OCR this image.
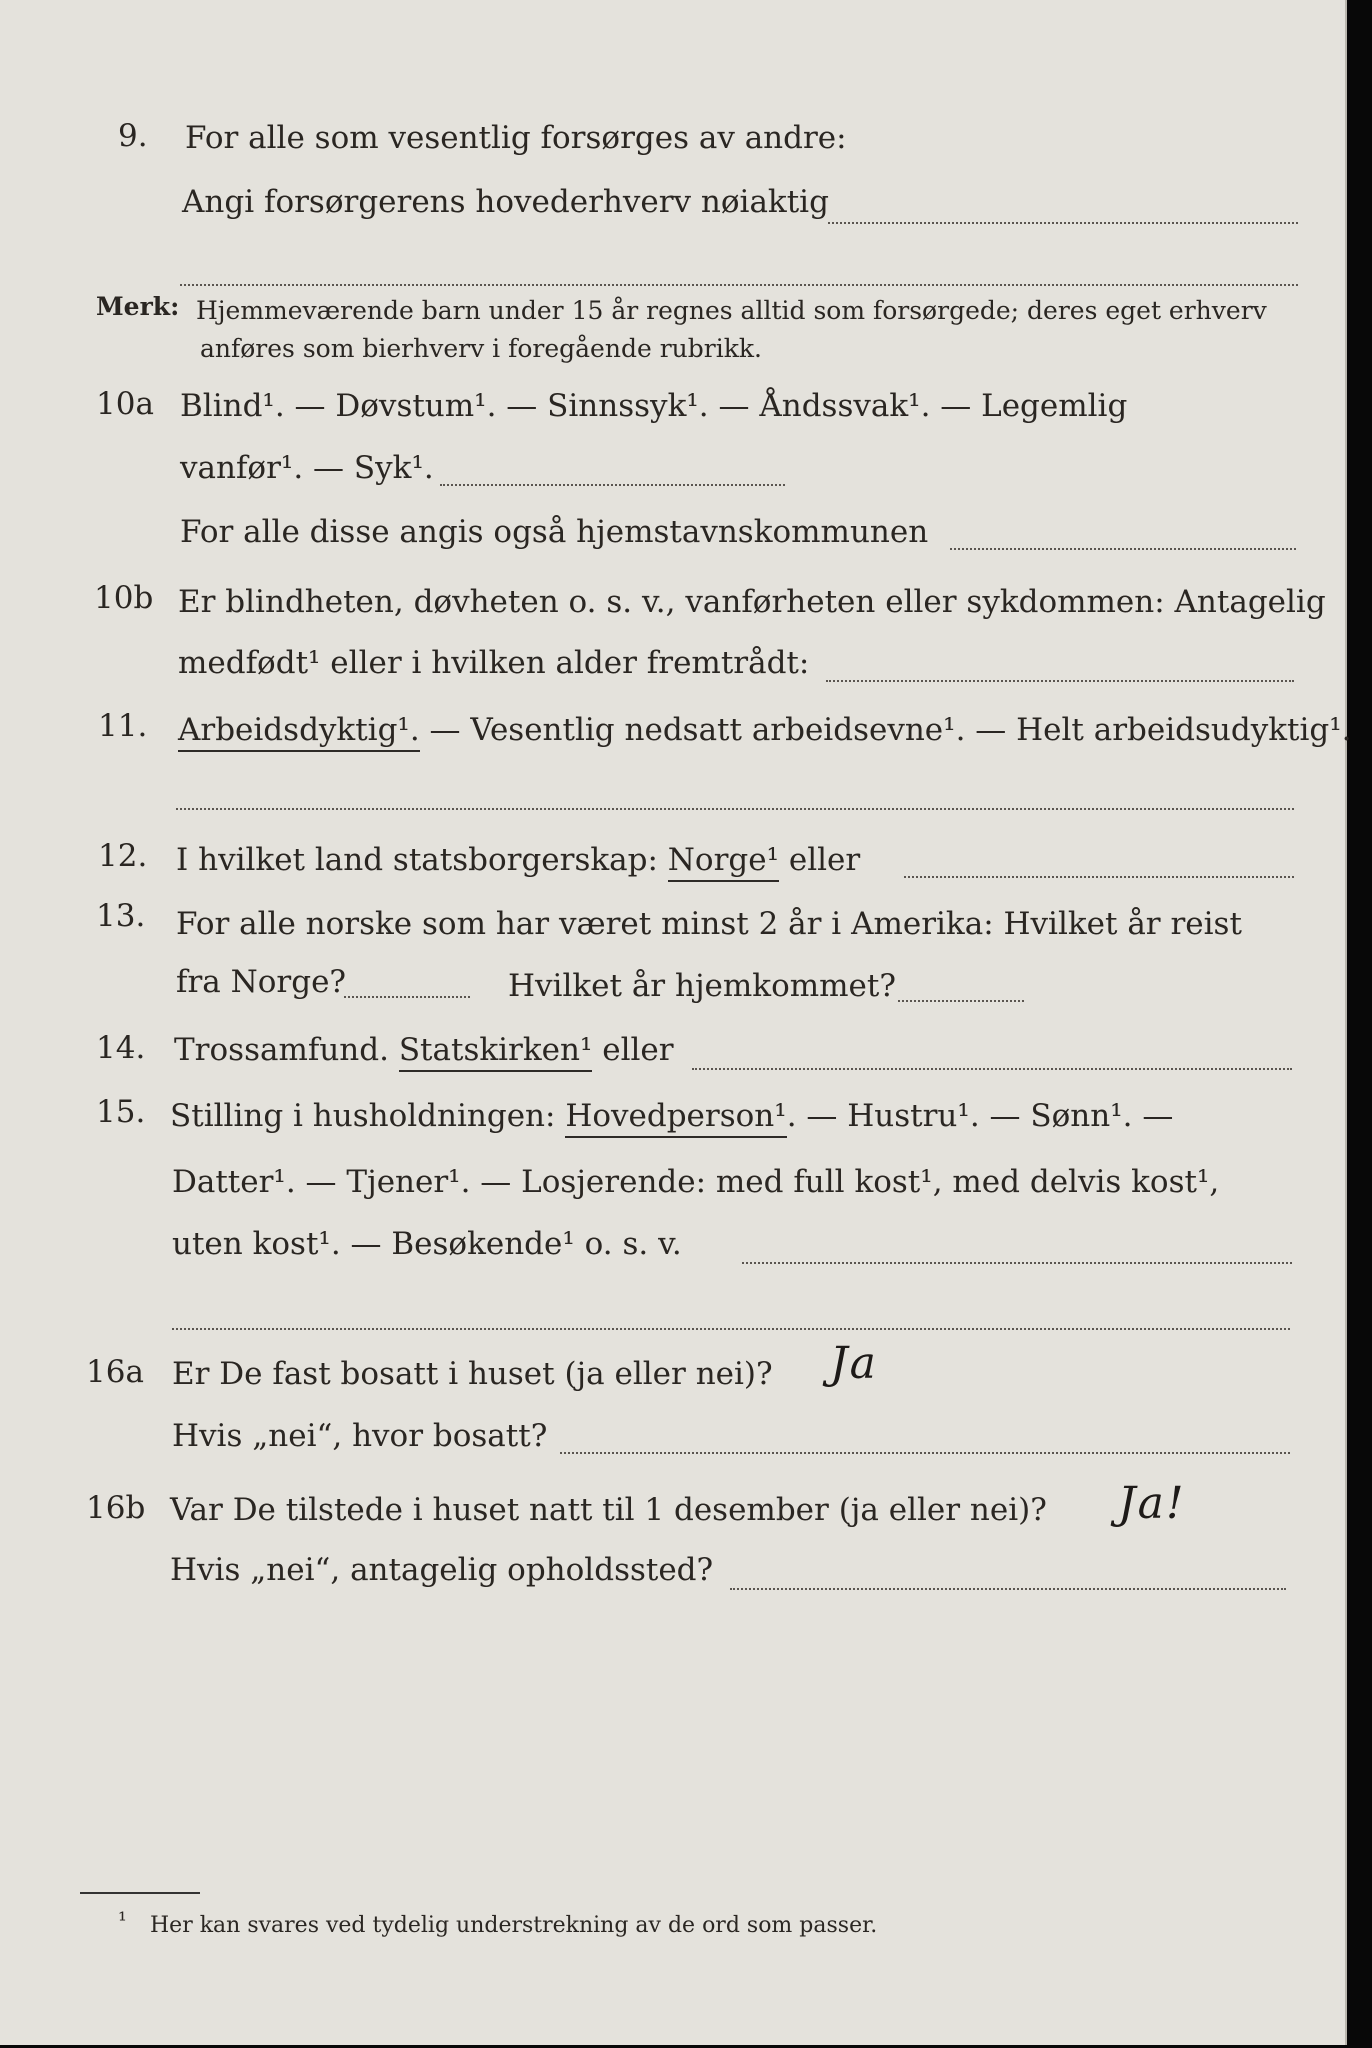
9. For alle som vesentlig forsørges av andre:
Angi forsørgerens hovederhverv nøiaktig
Merk: Hjemmeværende barn under 15 år regnes alltid som forsørgede; deres eget erhverv
anføres som bierhverv i foregående rubrikk.
10a Blind¹. — Døvstum¹. — Sinnssyk¹. — Åndssvak¹. — Legemlig
vanfør¹. — Syk¹.
For alle disse angis også hjemstavnskommunen
10b Er blindheten, døvheten o. s. v., vanførheten eller sykdommen: Antagelig
medfødt¹ eller i hvilken alder fremtrådt:
11. Arbeidsdyktig¹. — Vesentlig nedsatt arbeidsevne¹. — Helt arbeidsudyktig¹.
12. I hvilket land statsborgerskap: Norge¹ eller
13. For alle norske som har været minst 2 år i Amerika: Hvilket år reist
fra Norge?	Hvilket år hjemkommet?
14. Trossamfund. Statskirken¹ eller
15. Stilling i husholdningen: Hovedperson¹. — Hustru¹. — Sønn¹. —
Datter¹. — Tjener¹. — Losjerende: med full kost¹, med delvis kost¹,
uten kost¹. — Besøkende¹ o. s. v.
16a Er De fast bosatt i huset (ja eller nei)? Ja
Hvis „nei“, hvor bosatt?
16b Var De tilstede i huset natt til 1 desember (ja eller nei)? Ja!
Hvis „nei“, antagelig opholdssted?
¹ Her kan svares ved tydelig understrekning av de ord som passer.
